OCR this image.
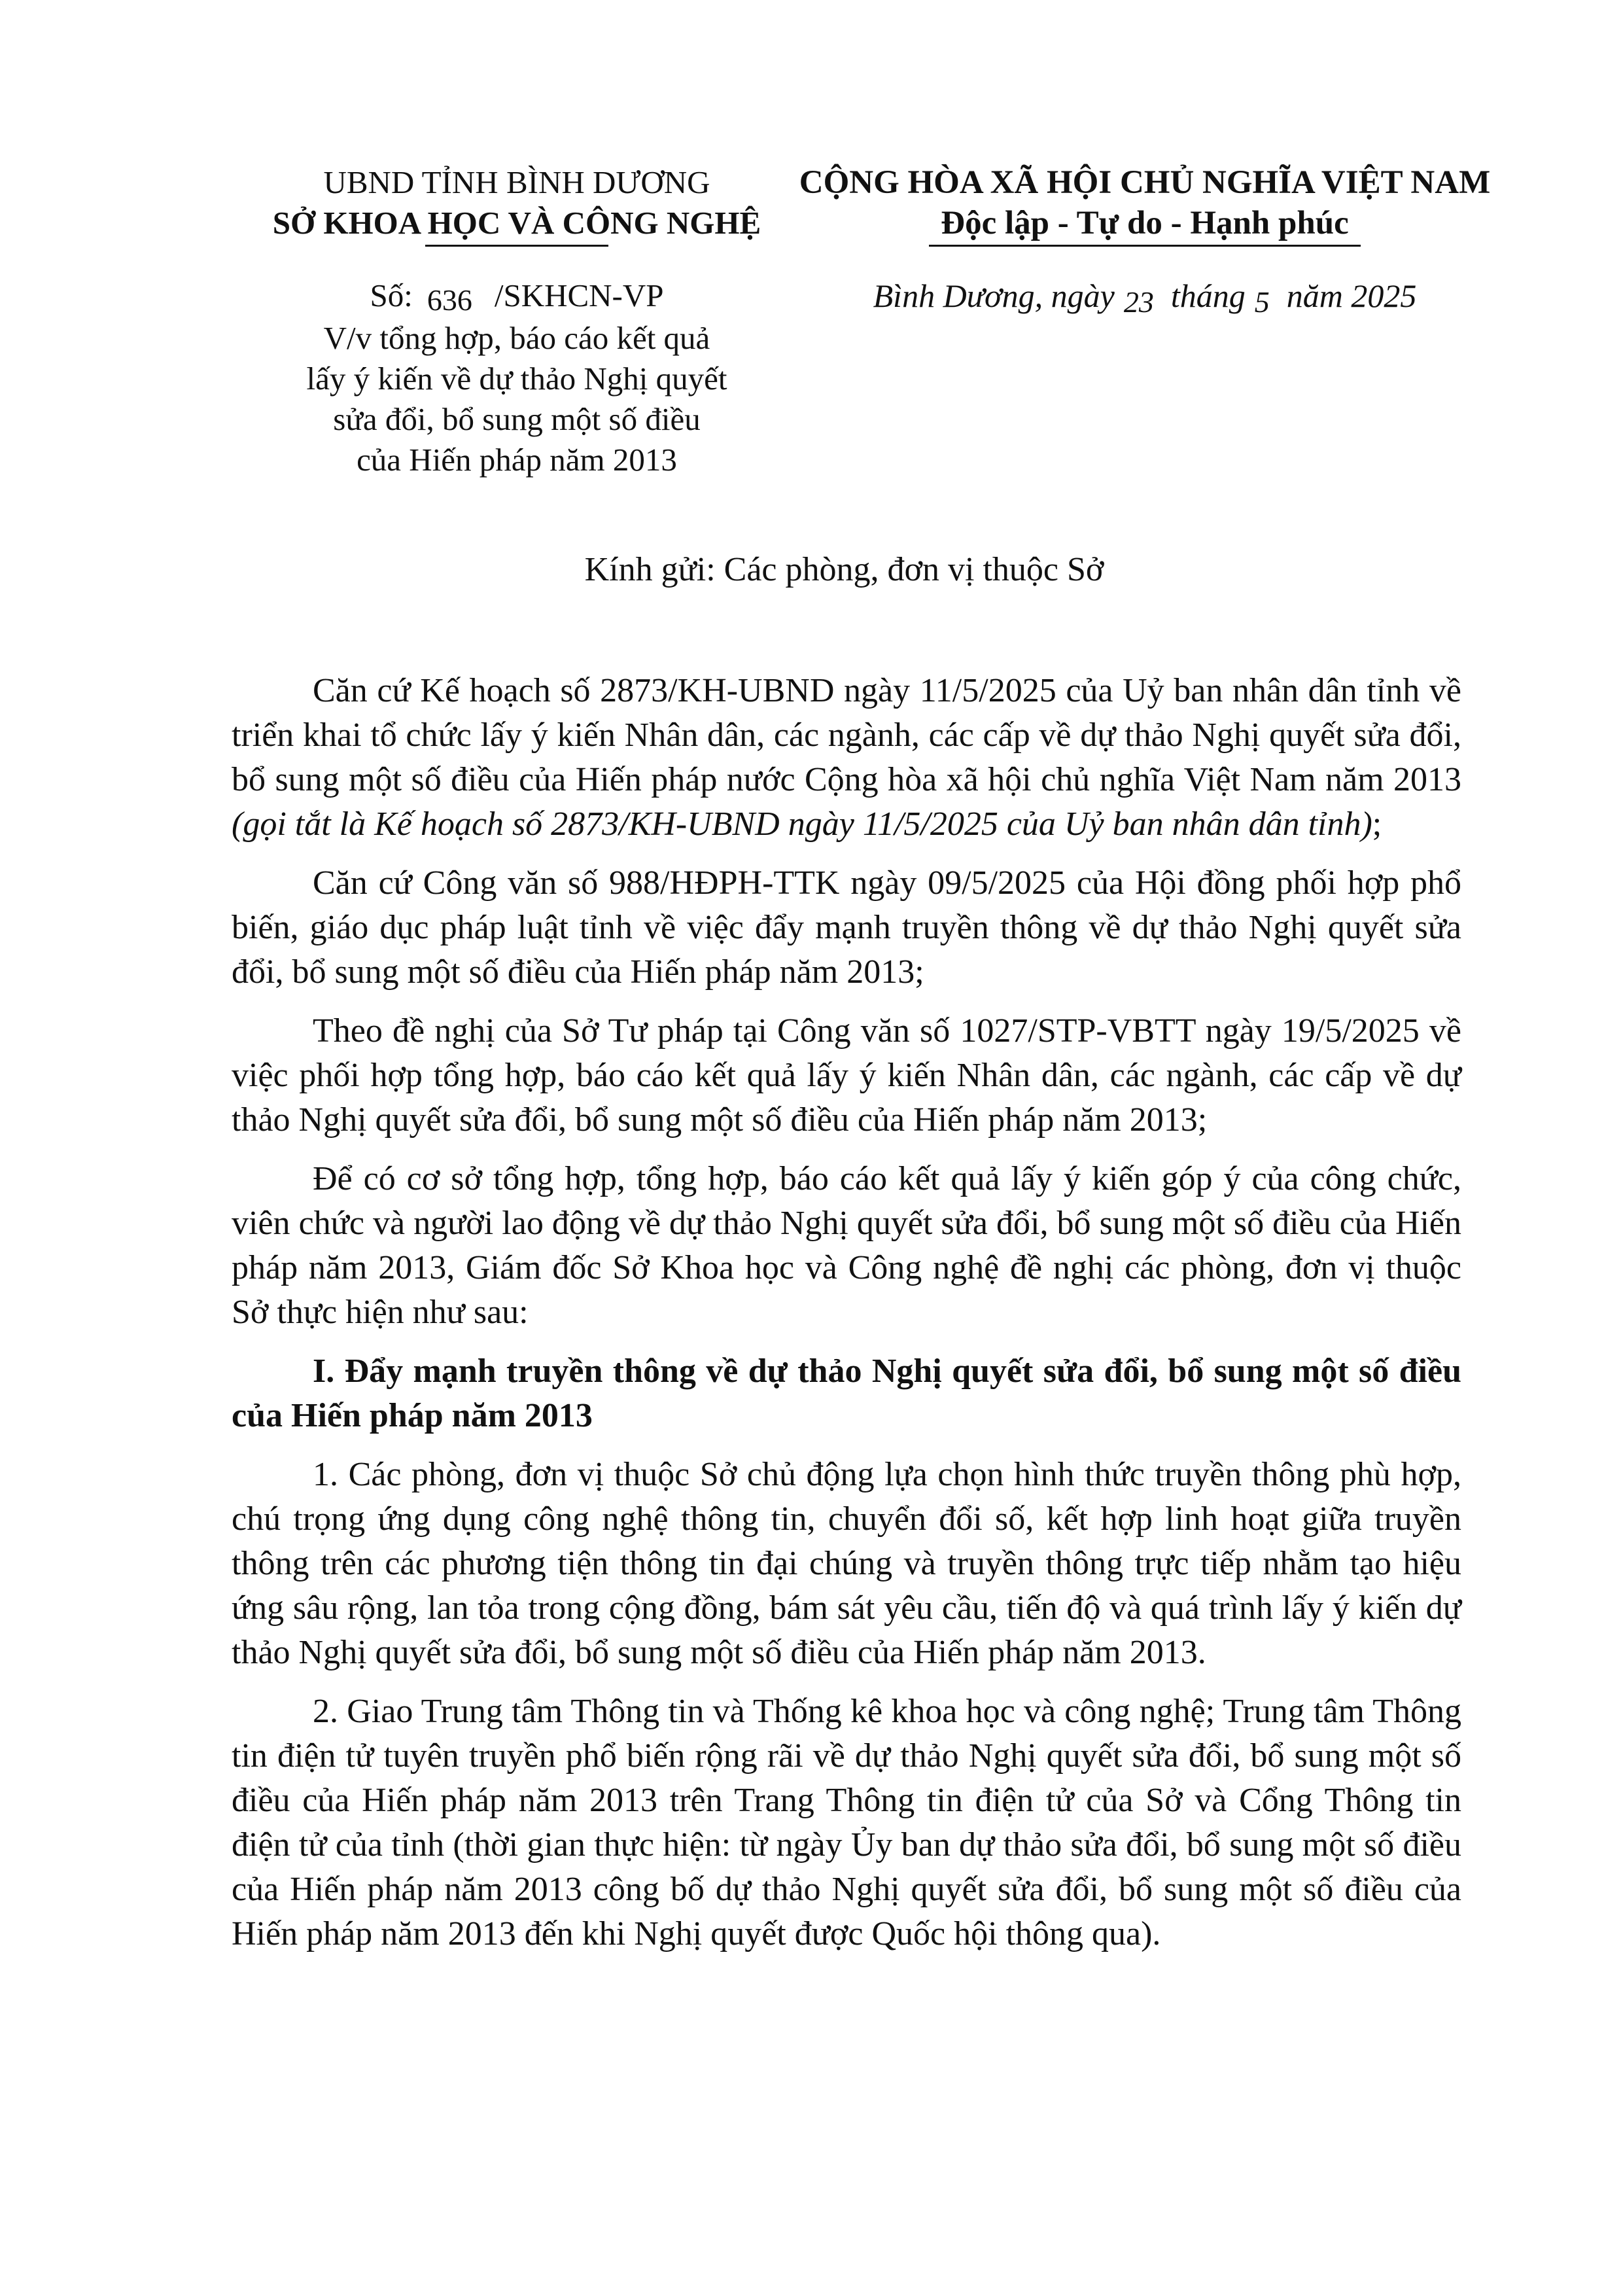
UBND TỈNH BÌNH DƯƠNG
SỞ KHOA HỌC VÀ CÔNG NGHỆ
Số: 636 /SKHCN-VP
V/v tổng hợp, báo cáo kết quả
lấy ý kiến về dự thảo Nghị quyết
sửa đổi, bổ sung một số điều
của Hiến pháp năm 2013
CỘNG HÒA XÃ HỘI CHỦ NGHĨA VIỆT NAM
Độc lập - Tự do - Hạnh phúc
Bình Dương, ngày 23 tháng 5 năm 2025
Kính gửi: Các phòng, đơn vị thuộc Sở

Căn cứ Kế hoạch số 2873/KH-UBND ngày 11/5/2025 của Uỷ ban nhân dân tỉnh về triển khai tổ chức lấy ý kiến Nhân dân, các ngành, các cấp về dự thảo Nghị quyết sửa đổi, bổ sung một số điều của Hiến pháp nước Cộng hòa xã hội chủ nghĩa Việt Nam năm 2013 (gọi tắt là Kế hoạch số 2873/KH-UBND ngày 11/5/2025 của Uỷ ban nhân dân tỉnh);

Căn cứ Công văn số 988/HĐPH-TTK ngày 09/5/2025 của Hội đồng phối hợp phổ biến, giáo dục pháp luật tỉnh về việc đẩy mạnh truyền thông về dự thảo Nghị quyết sửa đổi, bổ sung một số điều của Hiến pháp năm 2013;

Theo đề nghị của Sở Tư pháp tại Công văn số 1027/STP-VBTT ngày 19/5/2025 về việc phối hợp tổng hợp, báo cáo kết quả lấy ý kiến Nhân dân, các ngành, các cấp về dự thảo Nghị quyết sửa đổi, bổ sung một số điều của Hiến pháp năm 2013;

Để có cơ sở tổng hợp, tổng hợp, báo cáo kết quả lấy ý kiến góp ý của công chức, viên chức và người lao động về dự thảo Nghị quyết sửa đổi, bổ sung một số điều của Hiến pháp năm 2013, Giám đốc Sở Khoa học và Công nghệ đề nghị các phòng, đơn vị thuộc Sở thực hiện như sau:

I. Đẩy mạnh truyền thông về dự thảo Nghị quyết sửa đổi, bổ sung một số điều của Hiến pháp năm 2013

1. Các phòng, đơn vị thuộc Sở chủ động lựa chọn hình thức truyền thông phù hợp, chú trọng ứng dụng công nghệ thông tin, chuyển đổi số, kết hợp linh hoạt giữa truyền thông trên các phương tiện thông tin đại chúng và truyền thông trực tiếp nhằm tạo hiệu ứng sâu rộng, lan tỏa trong cộng đồng, bám sát yêu cầu, tiến độ và quá trình lấy ý kiến dự thảo Nghị quyết sửa đổi, bổ sung một số điều của Hiến pháp năm 2013.

2. Giao Trung tâm Thông tin và Thống kê khoa học và công nghệ; Trung tâm Thông tin điện tử tuyên truyền phổ biến rộng rãi về dự thảo Nghị quyết sửa đổi, bổ sung một số điều của Hiến pháp năm 2013 trên Trang Thông tin điện tử của Sở và Cổng Thông tin điện tử của tỉnh (thời gian thực hiện: từ ngày Ủy ban dự thảo sửa đổi, bổ sung một số điều của Hiến pháp năm 2013 công bố dự thảo Nghị quyết sửa đổi, bổ sung một số điều của Hiến pháp năm 2013 đến khi Nghị quyết được Quốc hội thông qua).
